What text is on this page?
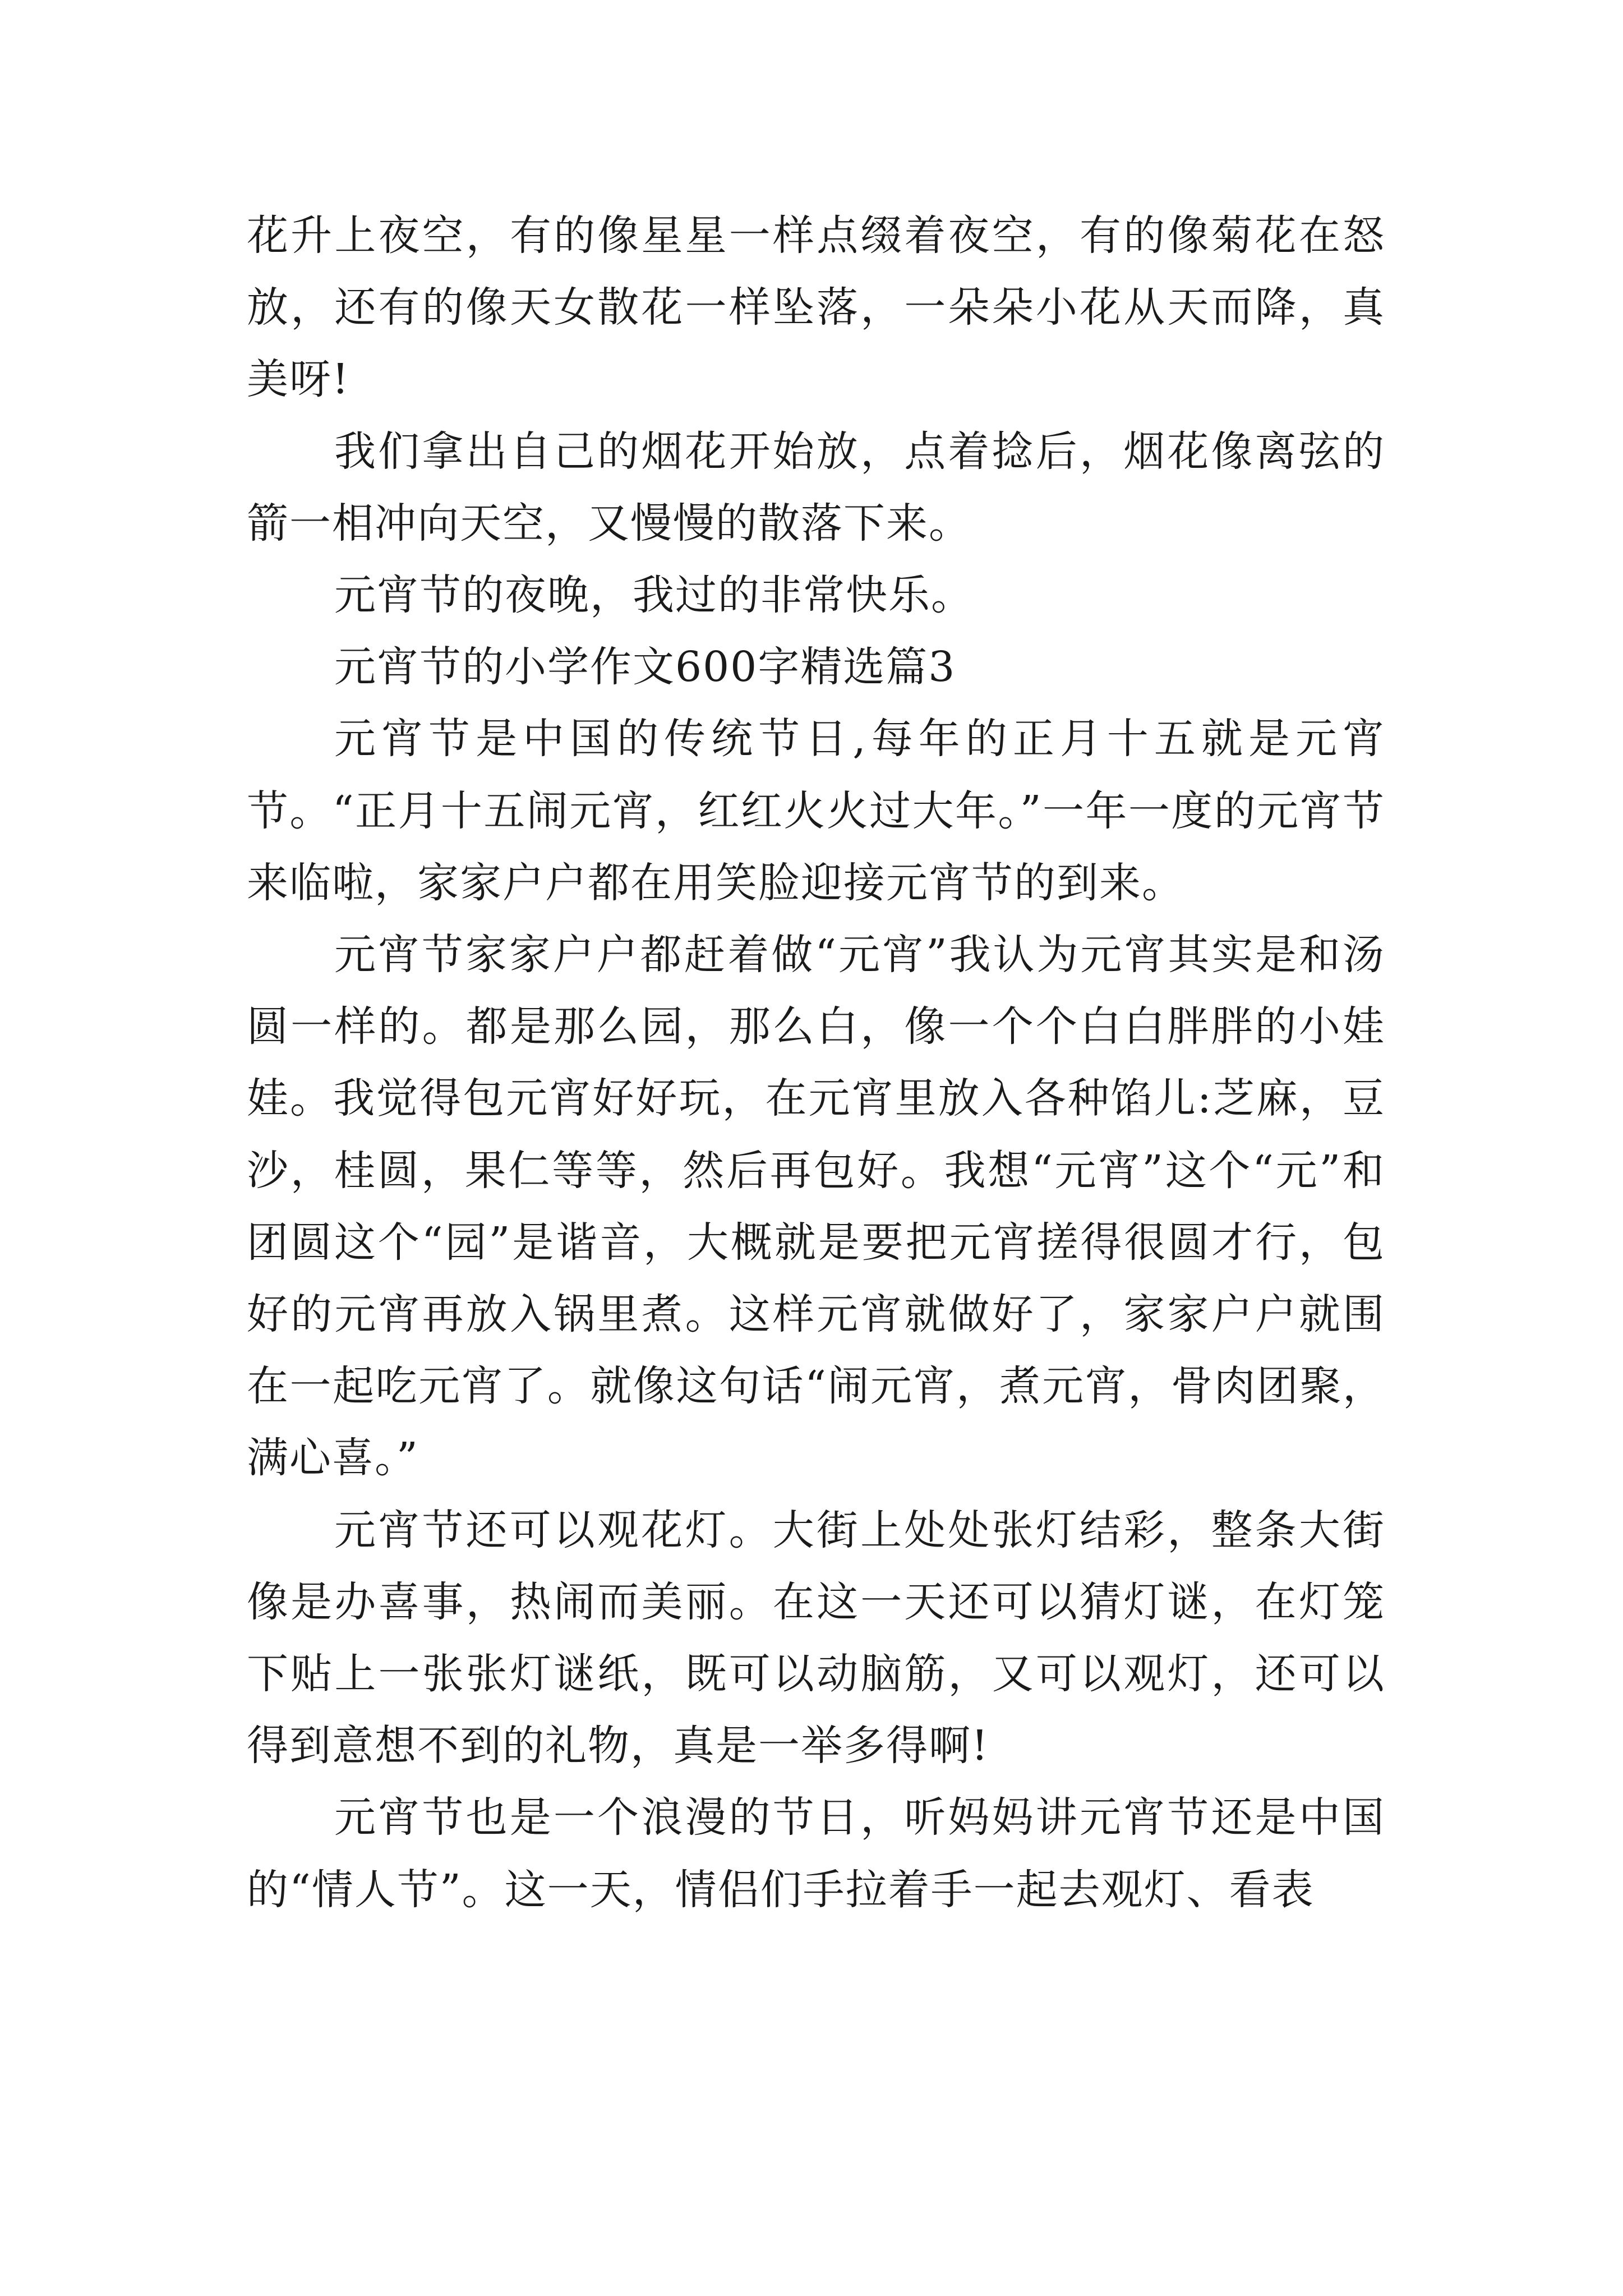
花升上夜空，有的像星星一样点缀着夜空，有的像菊花在怒放，还有的像天女散花一样坠落，一朵朵小花从天而降，真美呀!

我们拿出自己的烟花开始放，点着捻后，烟花像离弦的箭一相冲向天空，又慢慢的散落下来。

元宵节的夜晚，我过的非常快乐。

元宵节的小学作文600字精选篇3

元宵节是中国的传统节日,每年的正月十五就是元宵节。“正月十五闹元宵，红红火火过大年。”一年一度的元宵节来临啦，家家户户都在用笑脸迎接元宵节的到来。

元宵节家家户户都赶着做“元宵”我认为元宵其实是和汤圆一样的。都是那么园，那么白，像一个个白白胖胖的小娃娃。我觉得包元宵好好玩，在元宵里放入各种馅儿:芝麻，豆沙，桂圆，果仁等等，然后再包好。我想“元宵”这个“元”和团圆这个“园”是谐音，大概就是要把元宵搓得很圆才行，包好的元宵再放入锅里煮。这样元宵就做好了，家家户户就围在一起吃元宵了。就像这句话“闹元宵，煮元宵，骨肉团聚，满心喜。”

元宵节还可以观花灯。大街上处处张灯结彩，整条大街像是办喜事，热闹而美丽。在这一天还可以猜灯谜，在灯笼下贴上一张张灯谜纸，既可以动脑筋，又可以观灯，还可以得到意想不到的礼物，真是一举多得啊!

元宵节也是一个浪漫的节日，听妈妈讲元宵节还是中国的“情人节”。这一天，情侣们手拉着手一起去观灯、看表
